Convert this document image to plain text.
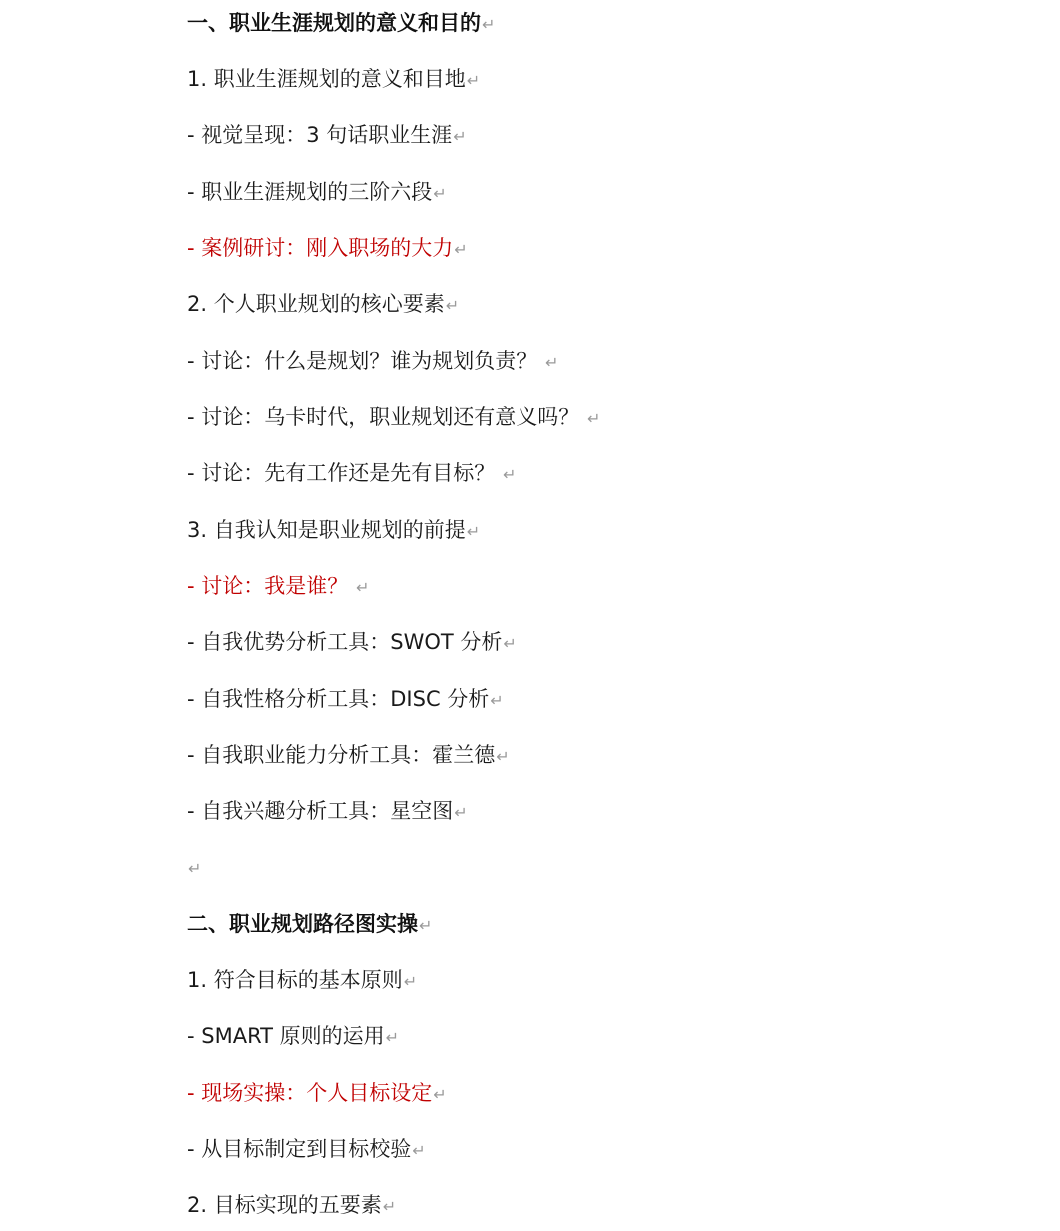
一、职业生涯规划的意义和目的↵
1. 职业生涯规划的意义和目地↵
- 视觉呈现：3 句话职业生涯↵
- 职业生涯规划的三阶六段↵
- 案例研讨：刚入职场的大力↵
2. 个人职业规划的核心要素↵
- 讨论：什么是规划？谁为规划负责？ ↵
- 讨论：乌卡时代，职业规划还有意义吗？ ↵
- 讨论：先有工作还是先有目标？ ↵
3. 自我认知是职业规划的前提↵
- 讨论：我是谁？ ↵
- 自我优势分析工具：SWOT 分析↵
- 自我性格分析工具：DISC 分析↵
- 自我职业能力分析工具：霍兰德↵
- 自我兴趣分析工具：星空图↵
↵
二、职业规划路径图实操↵
1. 符合目标的基本原则↵
- SMART 原则的运用↵
- 现场实操：个人目标设定↵
- 从目标制定到目标校验↵
2. 目标实现的五要素↵
